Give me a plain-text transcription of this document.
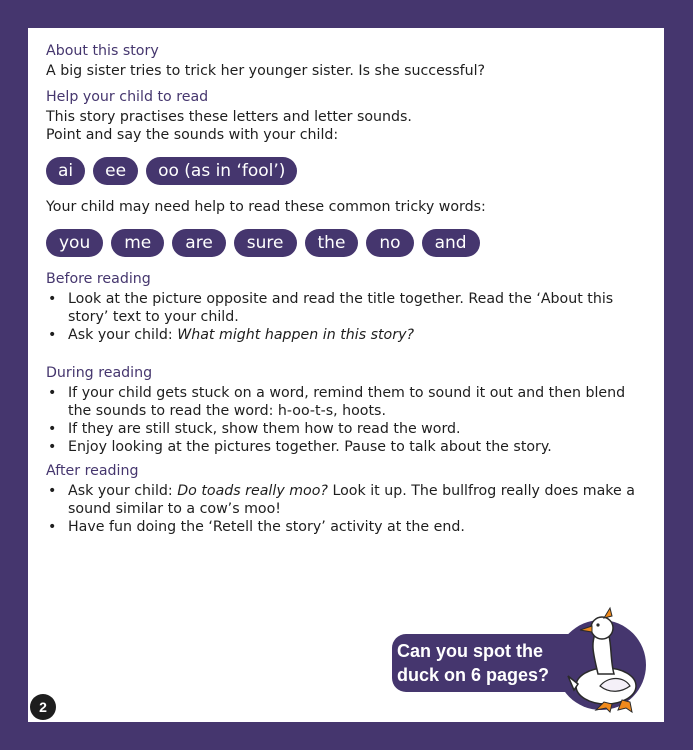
About this story

A big sister tries to trick her younger sister. Is she successful?

Help your child to read

This story practises these letters and letter sounds.

Point and say the sounds with your child:

ai	ee	oo (as in ‘fool’)

Your child may need help to read these common tricky words:

you	me	are	sure	the	no	and

Before reading

• Look at the picture opposite and read the title together. Read the ‘About this story’ text to your child.
• Ask your child: What might happen in this story?

During reading

• If your child gets stuck on a word, remind them to sound it out and then blend the sounds to read the word: h-oo-t-s, hoots.
• If they are still stuck, show them how to read the word.
• Enjoy looking at the pictures together. Pause to talk about the story.

After reading

• Ask your child: Do toads really moo? Look it up. The bullfrog really does make a sound similar to a cow’s moo!
• Have fun doing the ‘Retell the story’ activity at the end.
2
Can you spot the
duck on 6 pages?
